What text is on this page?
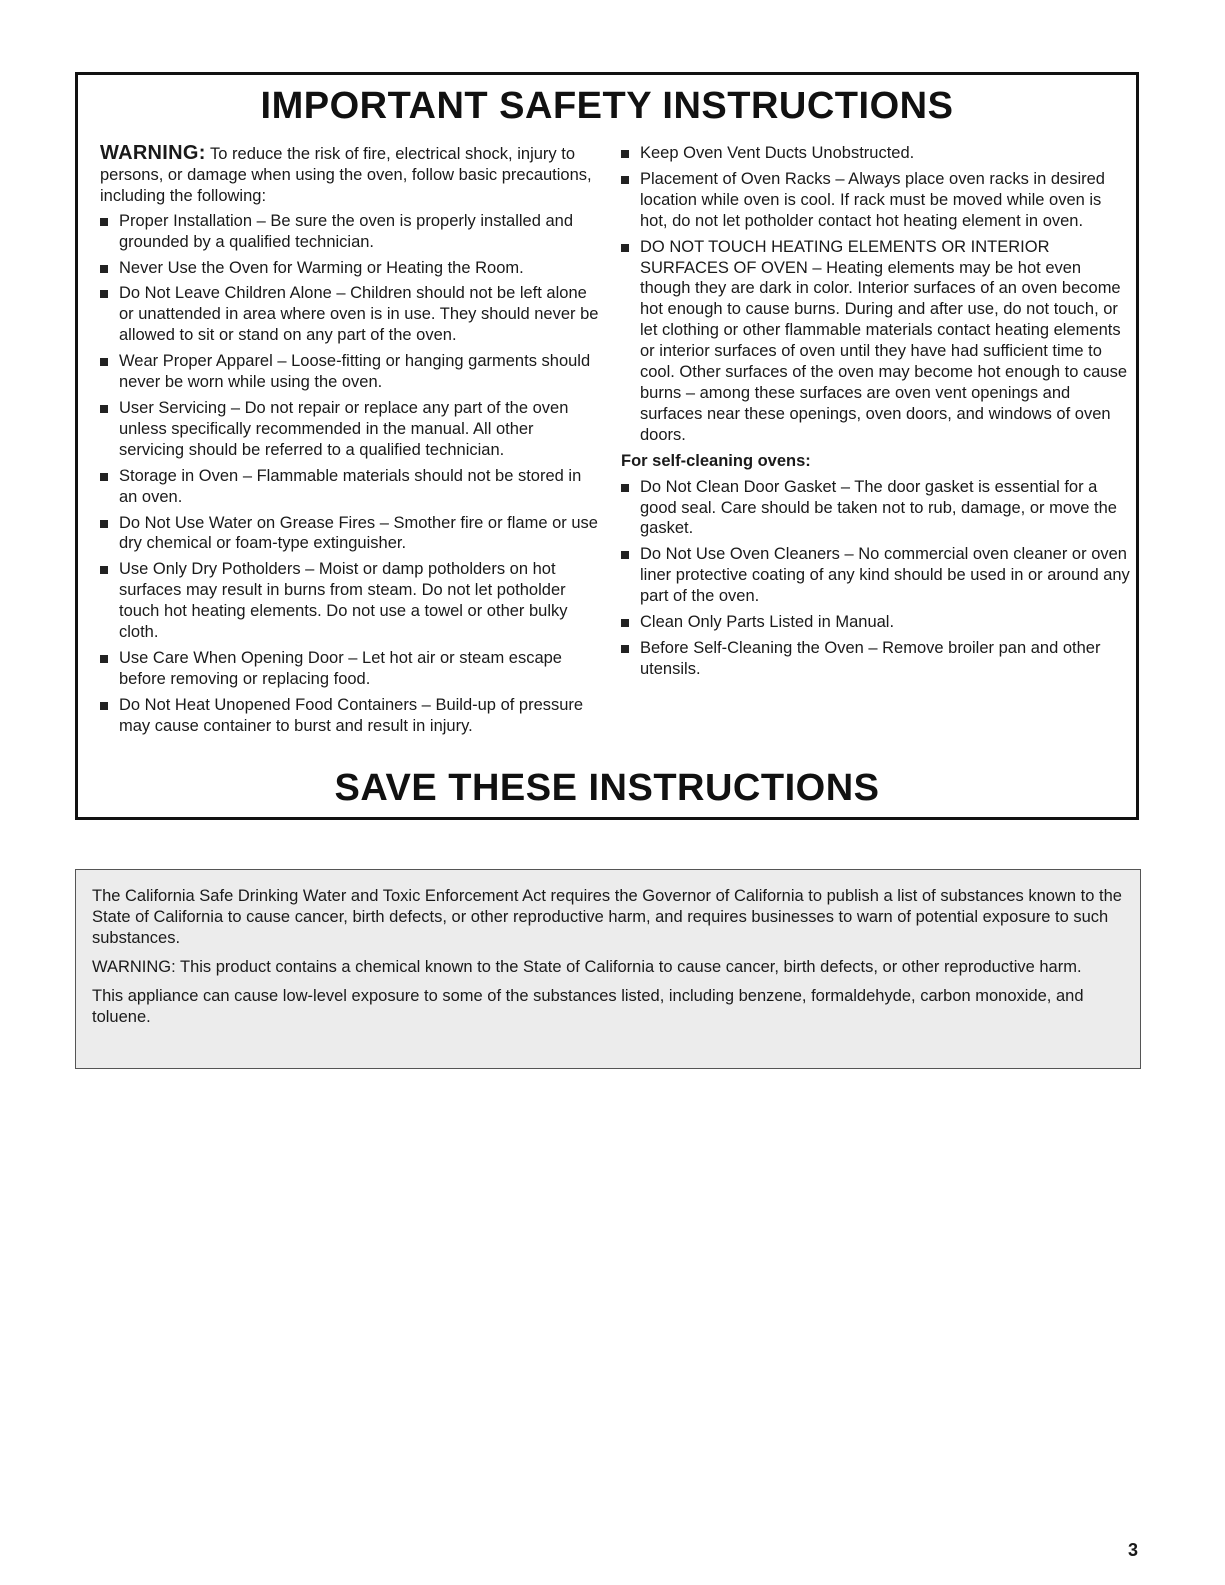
IMPORTANT SAFETY INSTRUCTIONS

WARNING: To reduce the risk of fire, electrical shock, injury to persons, or damage when using the oven, follow basic precautions, including the following:

Proper Installation – Be sure the oven is properly installed and grounded by a qualified technician.
Never Use the Oven for Warming or Heating the Room.
Do Not Leave Children Alone – Children should not be left alone or unattended in area where oven is in use. They should never be allowed to sit or stand on any part of the oven.
Wear Proper Apparel – Loose-fitting or hanging garments should never be worn while using the oven.
User Servicing – Do not repair or replace any part of the oven unless specifically recommended in the manual. All other servicing should be referred to a qualified technician.
Storage in Oven – Flammable materials should not be stored in an oven.
Do Not Use Water on Grease Fires – Smother fire or flame or use dry chemical or foam-type extinguisher.
Use Only Dry Potholders – Moist or damp potholders on hot surfaces may result in burns from steam. Do not let potholder touch hot heating elements. Do not use a towel or other bulky cloth.
Use Care When Opening Door – Let hot air or steam escape before removing or replacing food.
Do Not Heat Unopened Food Containers – Build-up of pressure may cause container to burst and result in injury.
Keep Oven Vent Ducts Unobstructed.
Placement of Oven Racks – Always place oven racks in desired location while oven is cool. If rack must be moved while oven is hot, do not let potholder contact hot heating element in oven.
DO NOT TOUCH HEATING ELEMENTS OR INTERIOR SURFACES OF OVEN – Heating elements may be hot even though they are dark in color. Interior surfaces of an oven become hot enough to cause burns. During and after use, do not touch, or let clothing or other flammable materials contact heating elements or interior surfaces of oven until they have had sufficient time to cool. Other surfaces of the oven may become hot enough to cause burns – among these surfaces are oven vent openings and surfaces near these openings, oven doors, and windows of oven doors.
For self-cleaning ovens:
Do Not Clean Door Gasket – The door gasket is essential for a good seal. Care should be taken not to rub, damage, or move the gasket.
Do Not Use Oven Cleaners – No commercial oven cleaner or oven liner protective coating of any kind should be used in or around any part of the oven.
Clean Only Parts Listed in Manual.
Before Self-Cleaning the Oven – Remove broiler pan and other utensils.
SAVE THESE INSTRUCTIONS

The California Safe Drinking Water and Toxic Enforcement Act requires the Governor of California to publish a list of substances known to the State of California to cause cancer, birth defects, or other reproductive harm, and requires businesses to warn of potential exposure to such substances.

WARNING: This product contains a chemical known to the State of California to cause cancer, birth defects, or other reproductive harm.

This appliance can cause low-level exposure to some of the substances listed, including benzene, formaldehyde, carbon monoxide, and toluene.

3
